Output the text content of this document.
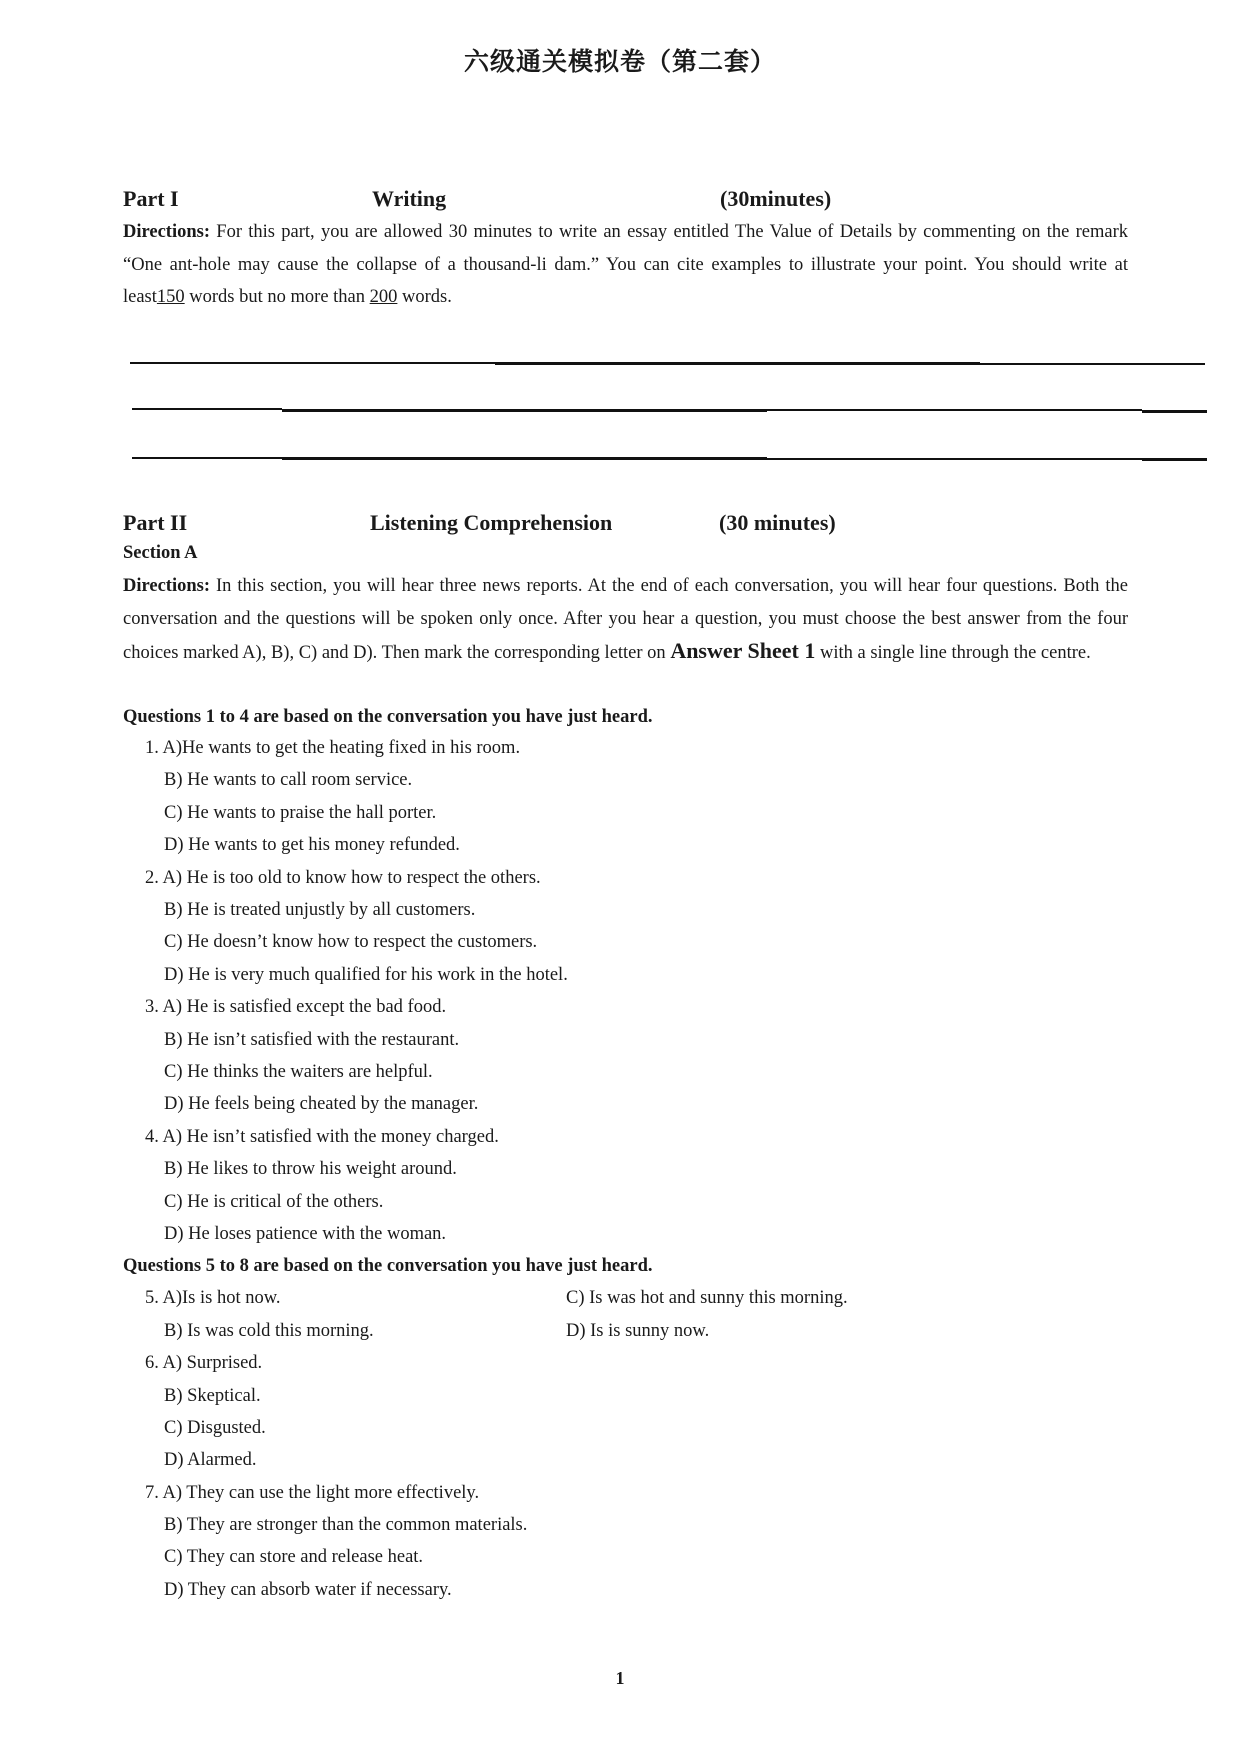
六级通关模拟卷（第二套）
Part I	Writing	(30minutes)
Directions: For this part, you are allowed 30 minutes to write an essay entitled The Value of Details by commenting on the remark “One ant-hole may cause the collapse of a thousand-li dam.” You can cite examples to illustrate your point. You should write at least150 words but no more than 200 words.
Part II	Listening Comprehension	(30 minutes)
Section A
Directions: In this section, you will hear three news reports. At the end of each conversation, you will hear four questions. Both the conversation and the questions will be spoken only once. After you hear a question, you must choose the best answer from the four choices marked A), B), C) and D). Then mark the corresponding letter on Answer Sheet 1 with a single line through the centre.
Questions 1 to 4 are based on the conversation you have just heard.
1. A)He wants to get the heating fixed in his room.
B) He wants to call room service.
C) He wants to praise the hall porter.
D) He wants to get his money refunded.
2. A) He is too old to know how to respect the others.
B) He is treated unjustly by all customers.
C) He doesn’t know how to respect the customers.
D) He is very much qualified for his work in the hotel.
3. A) He is satisfied except the bad food.
B) He isn’t satisfied with the restaurant.
C) He thinks the waiters are helpful.
D) He feels being cheated by the manager.
4. A) He isn’t satisfied with the money charged.
B) He likes to throw his weight around.
C) He is critical of the others.
D) He loses patience with the woman.
Questions 5 to 8 are based on the conversation you have just heard.
5. A)Is is hot now.	C) Is was hot and sunny this morning.
B) Is was cold this morning.	D) Is is sunny now.
6. A) Surprised.
B) Skeptical.
C) Disgusted.
D) Alarmed.
7. A) They can use the light more effectively.
B) They are stronger than the common materials.
C) They can store and release heat.
D) They can absorb water if necessary.
1
